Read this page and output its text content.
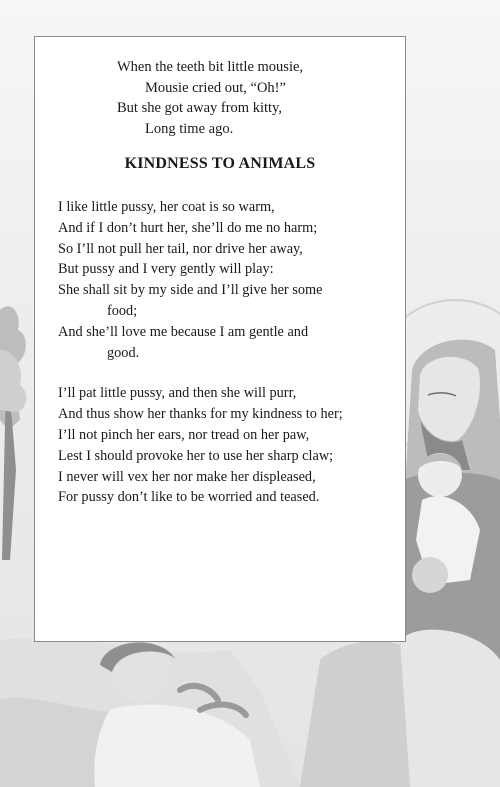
When the teeth bit little mousie,
Mousie cried out, “Oh!”
But she got away from kitty,
Long time ago.
KINDNESS TO ANIMALS
I like little pussy, her coat is so warm,
And if I don’t hurt her, she’ll do me no harm;
So I’ll not pull her tail, nor drive her away,
But pussy and I very gently will play:
She shall sit by my side and I’ll give her some
food;
And she’ll love me because I am gentle and
good.
I’ll pat little pussy, and then she will purr,
And thus show her thanks for my kindness to her;
I’ll not pinch her ears, nor tread on her paw,
Lest I should provoke her to use her sharp claw;
I never will vex her nor make her displeased,
For pussy don’t like to be worried and teased.
